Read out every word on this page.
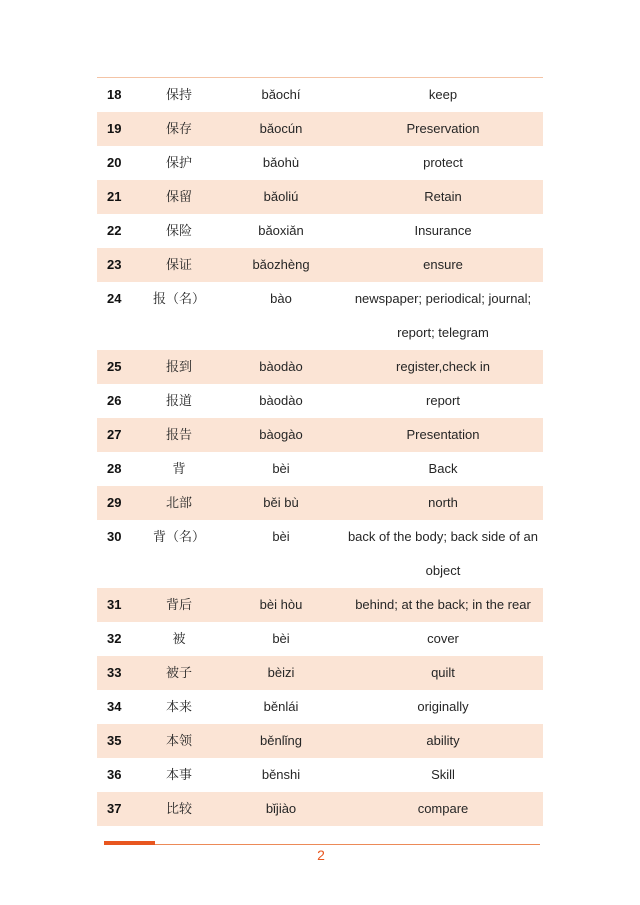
18	保持	bǎochí	keep
19	保存	bǎocún	Preservation
20	保护	bǎohù	protect
21	保留	bǎoliú	Retain
22	保险	bǎoxiǎn	Insurance
23	保证	bǎozhèng	ensure
24	报（名）	bào	newspaper; periodical; journal; report; telegram
25	报到	bàodào	register,check in
26	报道	bàodào	report
27	报告	bàogào	Presentation
28	背	bèi	Back
29	北部	běi bù	north
30	背（名）	bèi	back of the body; back side of an object
31	背后	bèi hòu	behind; at the back; in the rear
32	被	bèi	cover
33	被子	bèizi	quilt
34	本来	běnlái	originally
35	本领	běnlǐng	ability
36	本事	běnshi	Skill
37	比较	bǐjiào	compare
2
